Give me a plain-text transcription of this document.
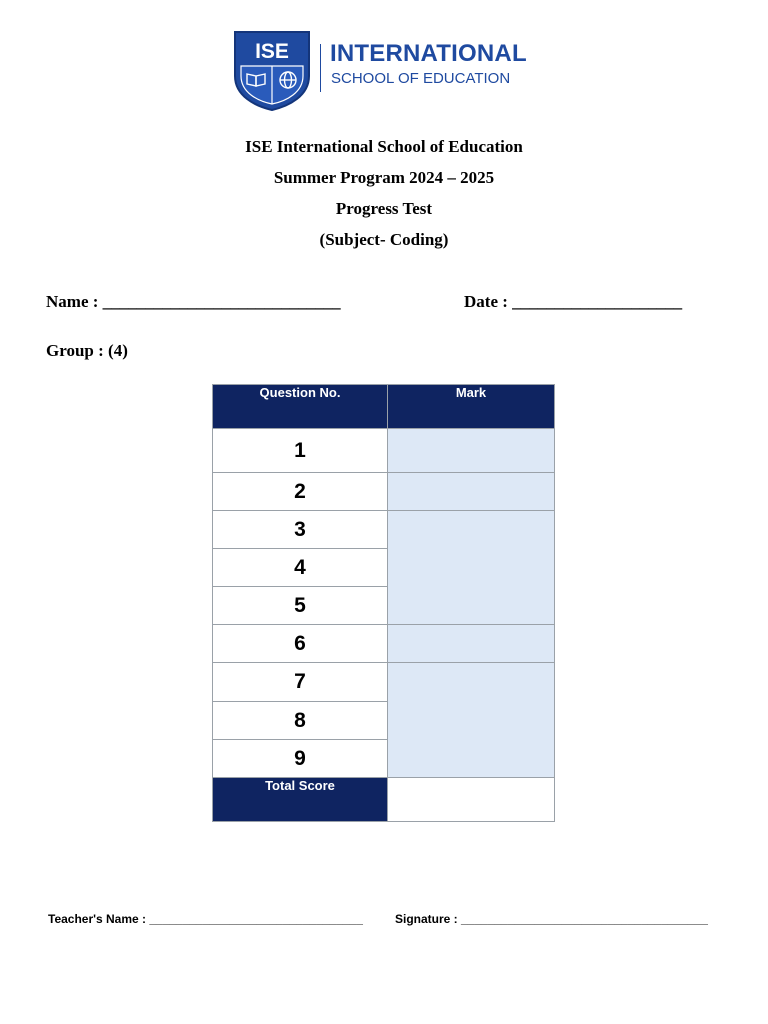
ISE INTERNATIONAL
SCHOOL OF EDUCATION
ISE International School of Education
Summer Program 2024 – 2025
Progress Test
(Subject- Coding)
Name : ____________________________	Date : ____________________
Group : (4)
Question No.	Mark
1	
2	
3	
4	
5	
6	
7	
8	
9	
Total Score	
Teacher's Name : ________________________________	Signature : _____________________________________
